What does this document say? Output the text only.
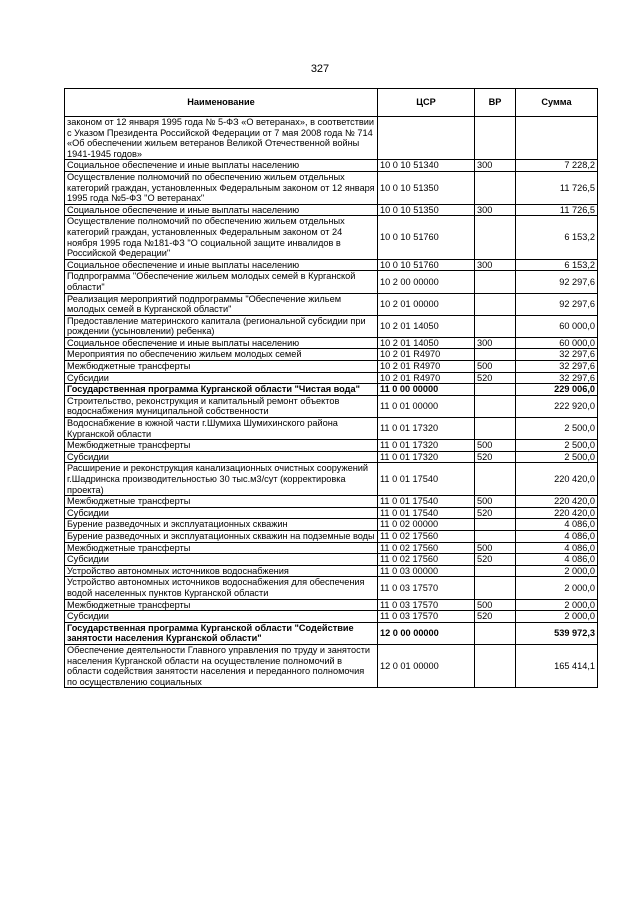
327
Наименование	ЦСР	ВР	Сумма
законом от 12 января 1995 года № 5-ФЗ «О ветеранах», в соответствии с Указом Президента Российской Федерации от 7 мая 2008 года № 714 «Об обеспечении жильем ветеранов Великой Отечественной войны 1941-1945 годов»			
Социальное обеспечение и иные выплаты населению	10 0 10 51340	300	7 228,2
Осуществление полномочий по обеспечению жильем отдельных категорий граждан, установленных Федеральным законом от 12 января 1995 года №5-ФЗ "О ветеранах"	10 0 10 51350		11 726,5
Социальное обеспечение и иные выплаты населению	10 0 10 51350	300	11 726,5
Осуществление полномочий по обеспечению жильем отдельных категорий граждан, установленных Федеральным законом от 24 ноября 1995 года №181-ФЗ "О социальной защите инвалидов в Российской Федерации"	10 0 10 51760		6 153,2
Социальное обеспечение и иные выплаты населению	10 0 10 51760	300	6 153,2
Подпрограмма "Обеспечение жильем молодых семей в Курганской области"	10 2 00 00000		92 297,6
Реализация мероприятий подпрограммы "Обеспечение жильем молодых семей в Курганской области"	10 2 01 00000		92 297,6
Предоставление материнского капитала (региональной субсидии при рождении (усыновлении) ребенка)	10 2 01 14050		60 000,0
Социальное обеспечение и иные выплаты населению	10 2 01 14050	300	60 000,0
Мероприятия по обеспечению жильем молодых семей	10 2 01 R4970		32 297,6
Межбюджетные трансферты	10 2 01 R4970	500	32 297,6
Субсидии	10 2 01 R4970	520	32 297,6
Государственная программа Курганской области "Чистая вода"	11 0 00 00000		229 006,0
Строительство, реконструкция и капитальный ремонт объектов водоснабжения муниципальной собственности	11 0 01 00000		222 920,0
Водоснабжение в южной части г.Шумиха Шумихинского района Курганской области	11 0 01 17320		2 500,0
Межбюджетные трансферты	11 0 01 17320	500	2 500,0
Субсидии	11 0 01 17320	520	2 500,0
Расширение и реконструкция канализационных очистных сооружений г.Шадринска производительностью 30 тыс.м3/сут (корректировка проекта)	11 0 01 17540		220 420,0
Межбюджетные трансферты	11 0 01 17540	500	220 420,0
Субсидии	11 0 01 17540	520	220 420,0
Бурение разведочных и эксплуатационных скважин	11 0 02 00000		4 086,0
Бурение разведочных и эксплуатационных скважин на подземные воды	11 0 02 17560		4 086,0
Межбюджетные трансферты	11 0 02 17560	500	4 086,0
Субсидии	11 0 02 17560	520	4 086,0
Устройство автономных источников водоснабжения	11 0 03 00000		2 000,0
Устройство автономных источников водоснабжения для обеспечения водой населенных пунктов Курганской области	11 0 03 17570		2 000,0
Межбюджетные трансферты	11 0 03 17570	500	2 000,0
Субсидии	11 0 03 17570	520	2 000,0
Государственная программа Курганской области "Содействие занятости населения Курганской области"	12 0 00 00000		539 972,3
Обеспечение деятельности Главного управления по труду и занятости населения Курганской области на осуществление полномочий в области содействия занятости населения и переданного полномочия по осуществлению социальных	12 0 01 00000		165 414,1
